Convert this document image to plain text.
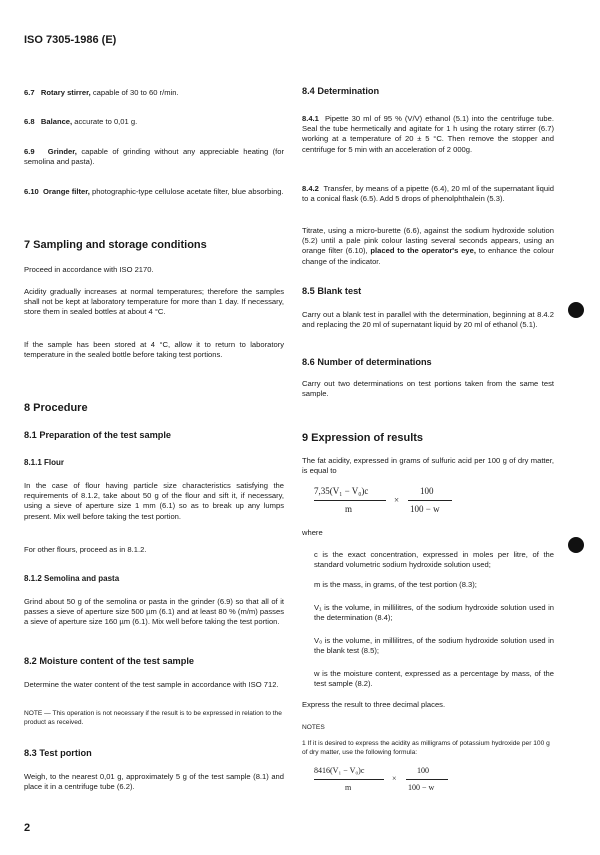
ISO 7305-1986 (E)
6.7 Rotary stirrer, capable of 30 to 60 r/min.
6.8 Balance, accurate to 0,01 g.
6.9 Grinder, capable of grinding without any appreciable heating (for semolina and pasta).
6.10 Orange filter, photographic-type cellulose acetate filter, blue absorbing.
7 Sampling and storage conditions
Proceed in accordance with ISO 2170.
Acidity gradually increases at normal temperatures; therefore the samples shall not be kept at laboratory temperature for more than 1 day. If necessary, store them in sealed bottles at about 4 °C.
If the sample has been stored at 4 °C, allow it to return to laboratory temperature in the sealed bottle before taking test portions.
8 Procedure
8.1 Preparation of the test sample
8.1.1 Flour
In the case of flour having particle size characteristics satisfying the requirements of 8.1.2, take about 50 g of the flour and sift it, if necessary, using a sieve of aperture size 1 mm (6.1) so as to break up any lumps present. Mix well before taking the test portion.
For other flours, proceed as in 8.1.2.
8.1.2 Semolina and pasta
Grind about 50 g of the semolina or pasta in the grinder (6.9) so that all of it passes a sieve of aperture size 500 µm (6.1) and at least 80 % (m/m) passes a sieve of aperture size 160 µm (6.1). Mix well before taking the test portion.
8.2 Moisture content of the test sample
Determine the water content of the test sample in accordance with ISO 712.
NOTE — This operation is not necessary if the result is to be expressed in relation to the product as received.
8.3 Test portion
Weigh, to the nearest 0,01 g, approximately 5 g of the test sample (8.1) and place it in a centrifuge tube (6.2).
8.4 Determination
8.4.1 Pipette 30 ml of 95 % (V/V) ethanol (5.1) into the centrifuge tube. Seal the tube hermetically and agitate for 1 h using the rotary stirrer (6.7) working at a temperature of 20 ± 5 °C. Then remove the stopper and centrifuge for 5 min with an acceleration of 2 000g.
8.4.2 Transfer, by means of a pipette (6.4), 20 ml of the supernatant liquid to a conical flask (6.5). Add 5 drops of phenolphthalein (5.3).
Titrate, using a micro-burette (6.6), against the sodium hydroxide solution (5.2) until a pale pink colour lasting several seconds appears, using an orange filter (6.10), placed to the operator's eye, to enhance the colour change of the indicator.
8.5 Blank test
Carry out a blank test in parallel with the determination, beginning at 8.4.2 and replacing the 20 ml of supernatant liquid by 20 ml of ethanol (5.1).
8.6 Number of determinations
Carry out two determinations on test portions taken from the same test sample.
9 Expression of results
The fat acidity, expressed in grams of sulfuric acid per 100 g of dry matter, is equal to
7,35(V₁ − V₀)c
m
×
100
100 − w
where
c is the exact concentration, expressed in moles per litre, of the standard volumetric sodium hydroxide solution used;
m is the mass, in grams, of the test portion (8.3);
V₁ is the volume, in millilitres, of the sodium hydroxide solution used in the determination (8.4);
V₀ is the volume, in millilitres, of the sodium hydroxide solution used in the blank test (8.5);
w is the moisture content, expressed as a percentage by mass, of the test sample (8.2).
Express the result to three decimal places.
NOTES
1 If it is desired to express the acidity as milligrams of potassium hydroxide per 100 g of dry matter, use the following formula:
8416(V₁ − V₀)c
m
×
100
100 − w
2
